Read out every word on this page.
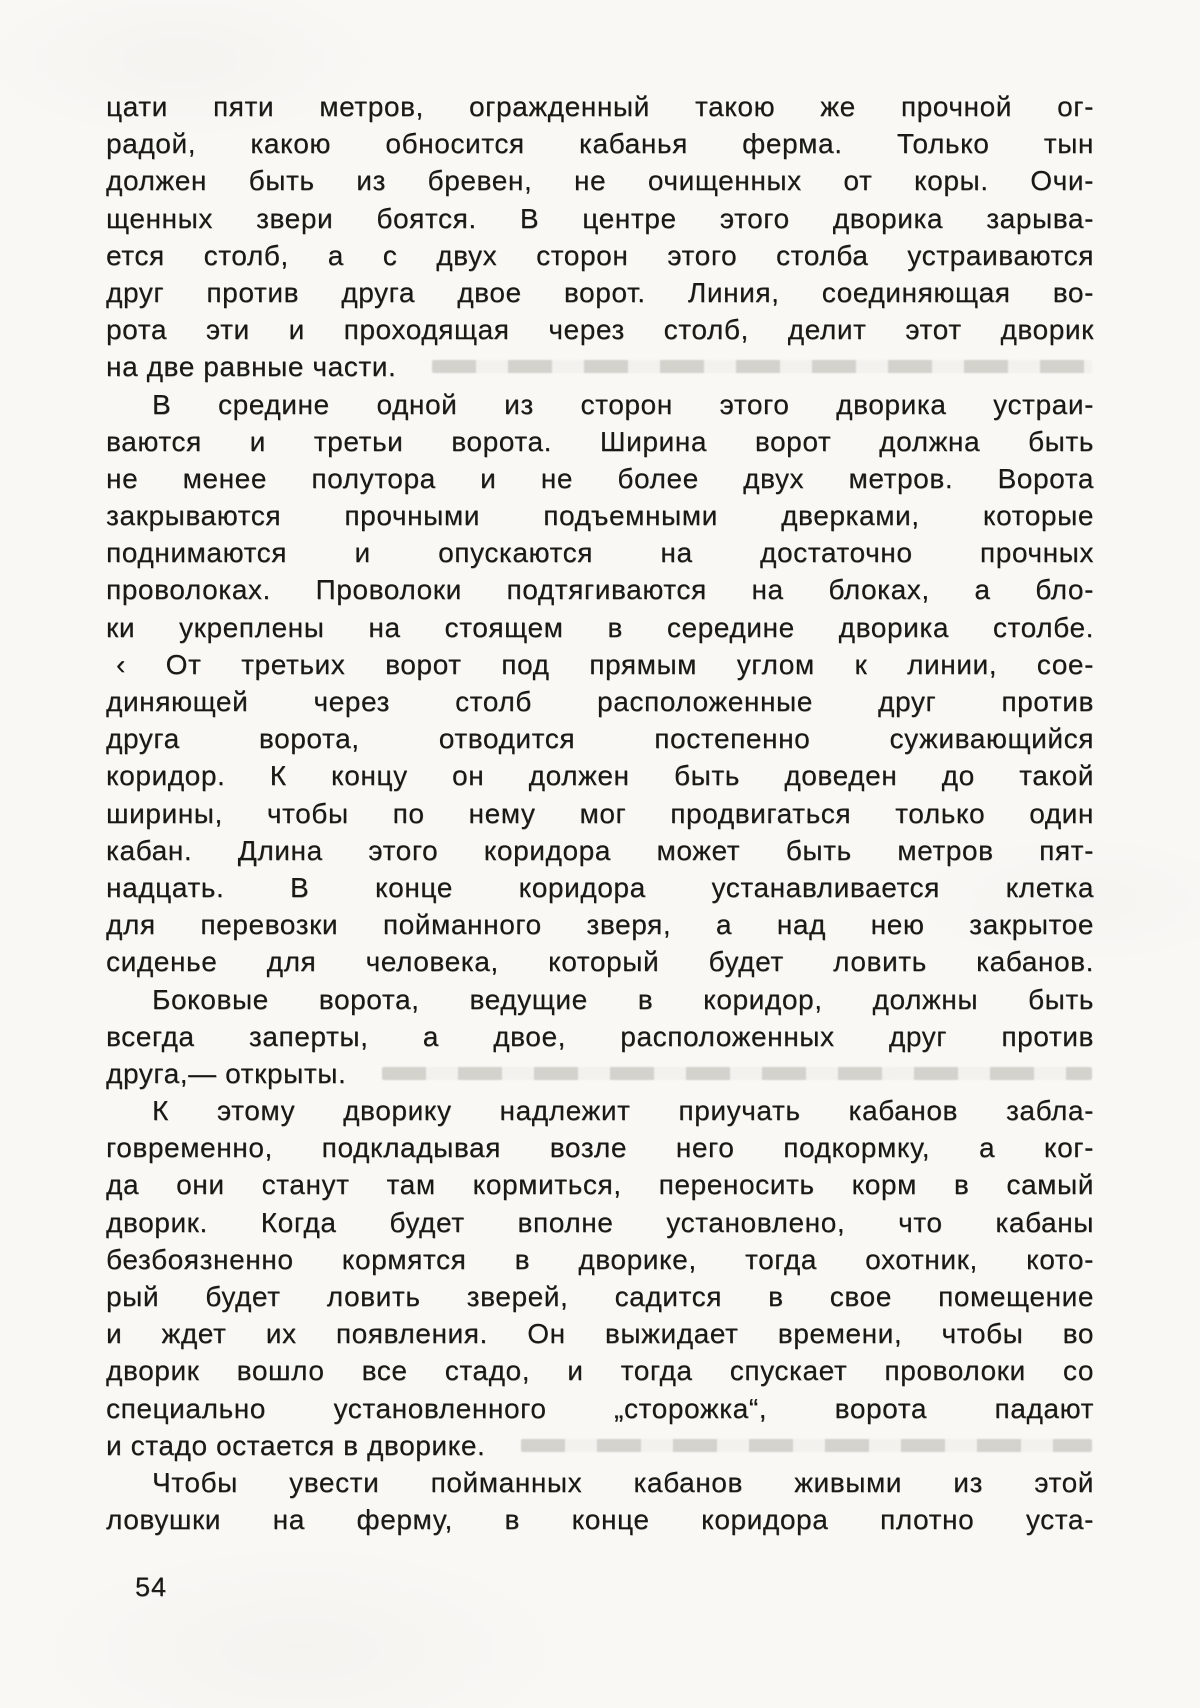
цати пяти метров, огражденный такою же прочной ог-
радой, какою обносится кабанья ферма. Только тын
должен быть из бревен, не очищенных от коры. Очи-
щенных звери боятся. В центре этого дворика зарыва-
ется столб, а с двух сторон этого столба устраиваются
друг против друга двое ворот. Линия, соединяющая во-
рота эти и проходящая через столб, делит этот дворик
на две равные части.
В средине одной из сторон этого дворика устраи-
ваются и третьи ворота. Ширина ворот должна быть
не менее полутора и не более двух метров. Ворота
закрываются прочными подъемными дверками, которые
поднимаются и опускаются на достаточно прочных
проволоках. Проволоки подтягиваются на блоках, а бло-
ки укреплены на стоящем в середине дворика столбе.
‹ От третьих ворот под прямым углом к линии, сое-
диняющей через столб расположенные друг против
друга ворота, отводится постепенно суживающийся
коридор. К концу он должен быть доведен до такой
ширины, чтобы по нему мог продвигаться только один
кабан. Длина этого коридора может быть метров пят-
надцать. В конце коридора устанавливается клетка
для перевозки пойманного зверя, а над нею закрытое
сиденье для человека, который будет ловить кабанов.
Боковые ворота, ведущие в коридор, должны быть
всегда заперты, а двое, расположенных друг против
друга,— открыты.
К этому дворику надлежит приучать кабанов забла-
говременно, подкладывая возле него подкормку, а ког-
да они станут там кормиться, переносить корм в самый
дворик. Когда будет вполне установлено, что кабаны
безбоязненно кормятся в дворике, тогда охотник, кото-
рый будет ловить зверей, садится в свое помещение
и ждет их появления. Он выжидает времени, чтобы во
дворик вошло все стадо, и тогда спускает проволоки со
специально установленного „сторожка“, ворота падают
и стадо остается в дворике.
Чтобы увести пойманных кабанов живыми из этой
ловушки на ферму, в конце коридора плотно уста-
54
